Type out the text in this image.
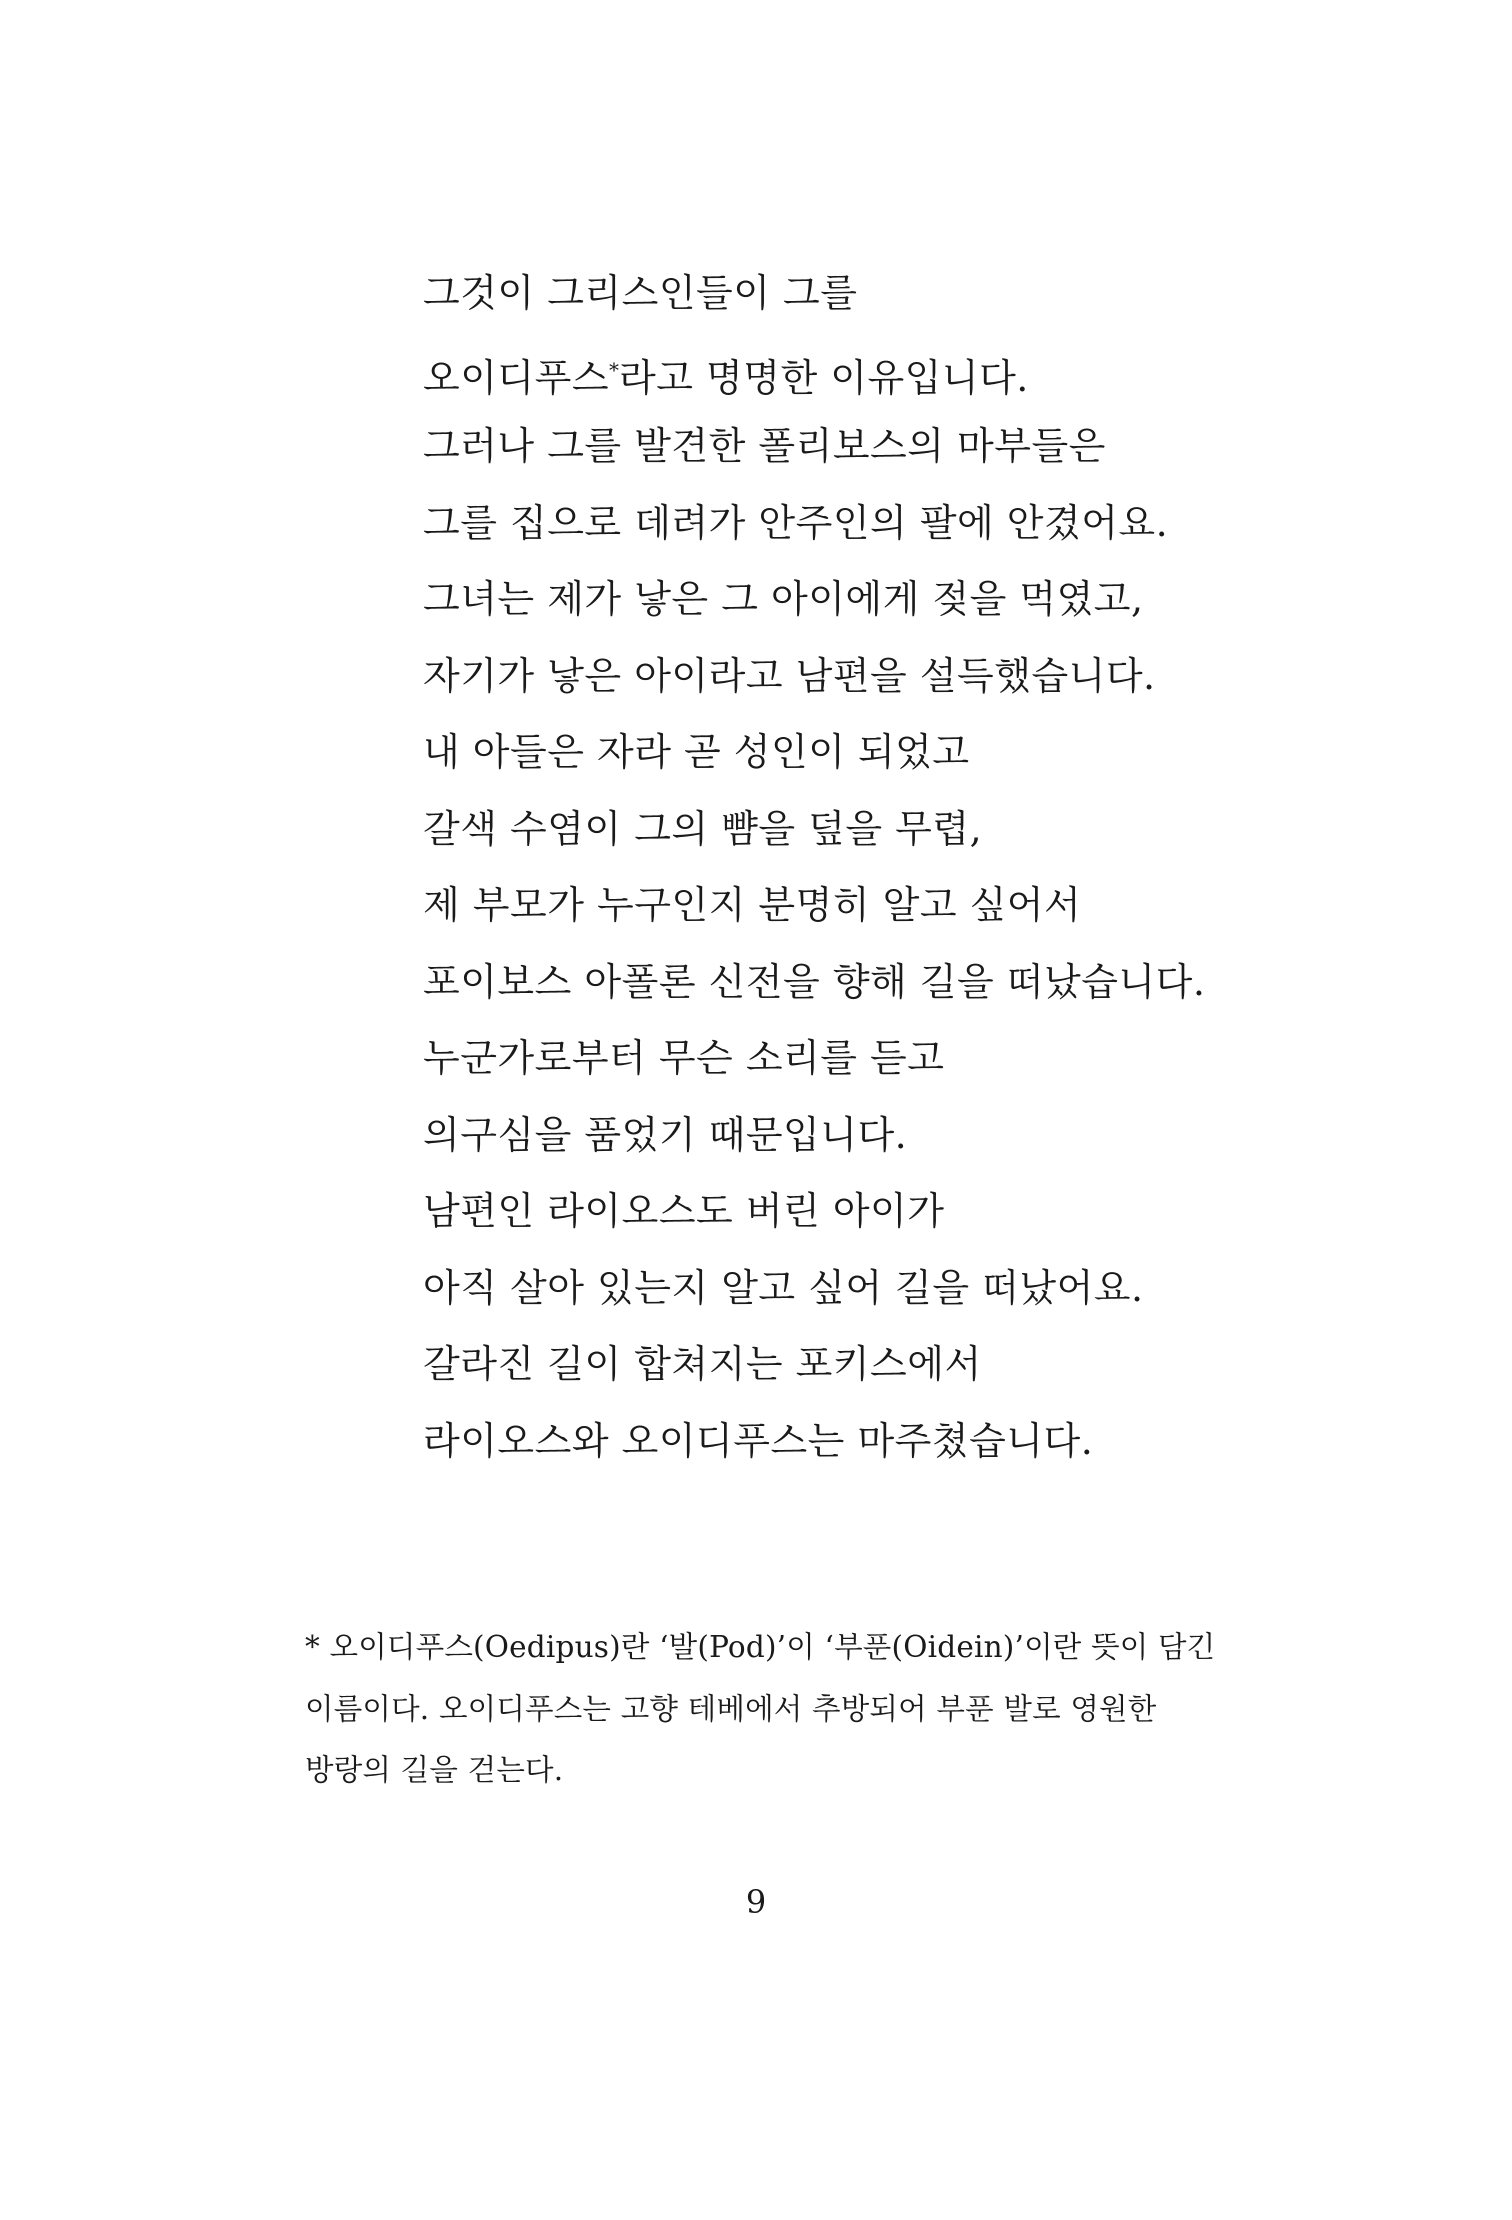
그것이 그리스인들이 그를
오이디푸스*라고 명명한 이유입니다.
그러나 그를 발견한 폴리보스의 마부들은
그를 집으로 데려가 안주인의 팔에 안겼어요.
그녀는 제가 낳은 그 아이에게 젖을 먹였고,
자기가 낳은 아이라고 남편을 설득했습니다.
내 아들은 자라 곧 성인이 되었고
갈색 수염이 그의 뺨을 덮을 무렵,
제 부모가 누구인지 분명히 알고 싶어서
포이보스 아폴론 신전을 향해 길을 떠났습니다.
누군가로부터 무슨 소리를 듣고
의구심을 품었기 때문입니다.
남편인 라이오스도 버린 아이가
아직 살아 있는지 알고 싶어 길을 떠났어요.
갈라진 길이 합쳐지는 포키스에서
라이오스와 오이디푸스는 마주쳤습니다.
* 오이디푸스(Oedipus)란 ‘발(Pod)’이 ‘부푼(Oidein)’이란 뜻이 담긴
이름이다. 오이디푸스는 고향 테베에서 추방되어 부푼 발로 영원한
방랑의 길을 걷는다.
9
